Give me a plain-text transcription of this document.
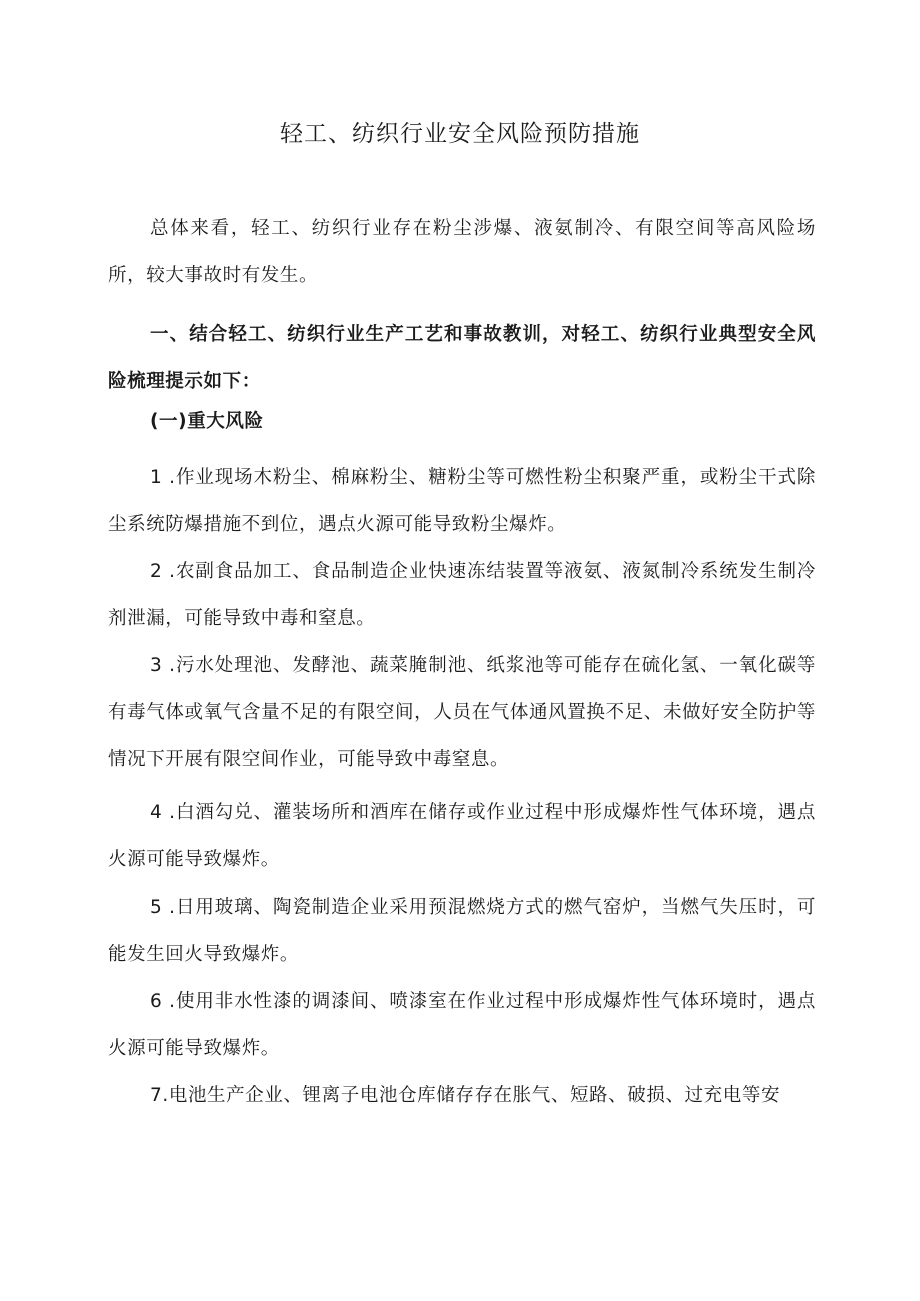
轻工、纺织行业安全风险预防措施

总体来看，轻工、纺织行业存在粉尘涉爆、液氨制冷、有限空间等高风险场所，较大事故时有发生。

一、结合轻工、纺织行业生产工艺和事故教训，对轻工、纺织行业典型安全风险梳理提示如下：

(一)重大风险

1 .作业现场木粉尘、棉麻粉尘、糖粉尘等可燃性粉尘积聚严重，或粉尘干式除尘系统防爆措施不到位，遇点火源可能导致粉尘爆炸。

2 .农副食品加工、食品制造企业快速冻结装置等液氨、液氮制冷系统发生制冷剂泄漏，可能导致中毒和窒息。

3 .污水处理池、发酵池、蔬菜腌制池、纸浆池等可能存在硫化氢、一氧化碳等有毒气体或氧气含量不足的有限空间，人员在气体通风置换不足、未做好安全防护等情况下开展有限空间作业，可能导致中毒窒息。

4 .白酒勾兑、灌装场所和酒库在储存或作业过程中形成爆炸性气体环境，遇点火源可能导致爆炸。

5 .日用玻璃、陶瓷制造企业采用预混燃烧方式的燃气窑炉，当燃气失压时，可能发生回火导致爆炸。

6 .使用非水性漆的调漆间、喷漆室在作业过程中形成爆炸性气体环境时，遇点火源可能导致爆炸。

7.电池生产企业、锂离子电池仓库储存存在胀气、短路、破损、过充电等安
